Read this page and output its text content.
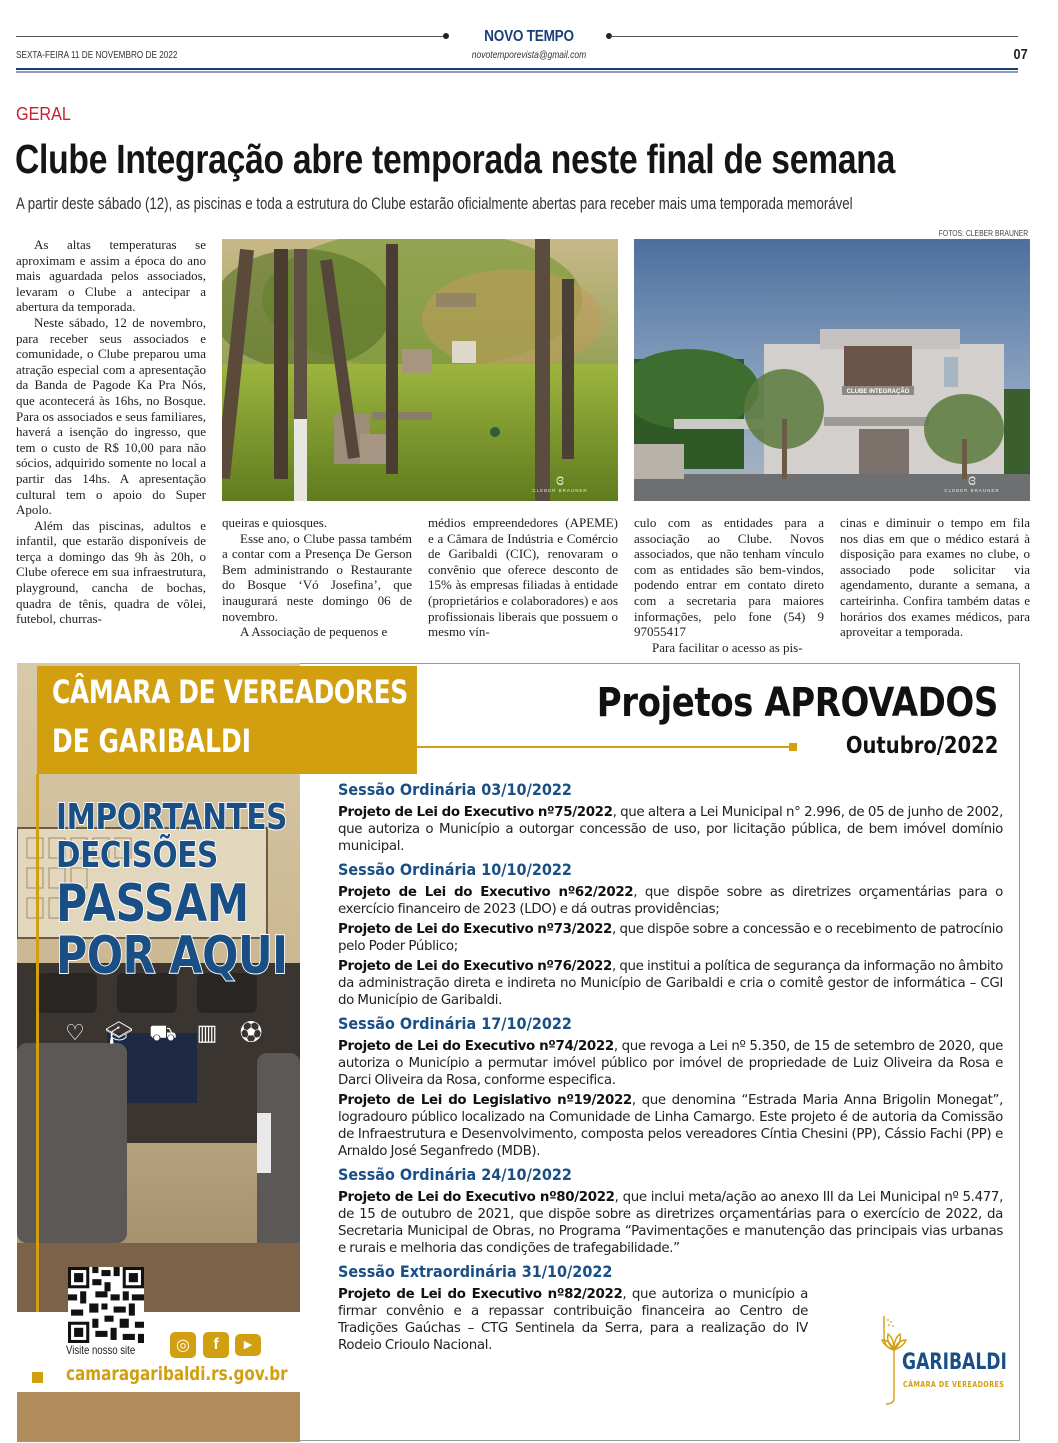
NOVO TEMPO
SEXTA-FEIRA 11 DE NOVEMBRO DE 2022	novotemporevista@gmail.com	07
GERAL
Clube Integração abre temporada neste final de semana
A partir deste sábado (12), as piscinas e toda a estrutura do Clube estarão oficialmente abertas para receber mais uma temporada memorável
FOTOS: CLEBER BRAUNER

As altas temperaturas se aproximam e assim a época do ano mais aguardada pelos associados, levaram o Clube a antecipar a abertura da temporada.

Neste sábado, 12 de novembro, para receber seus associados e comunidade, o Clube preparou uma atração especial com a apresentação da Banda de Pagode Ka Pra Nós, que acontecerá às 16hs, no Bosque. Para os associados e seus familiares, haverá a isenção do ingresso, que tem o custo de R$ 10,00 para não sócios, adquirido somente no local a partir das 14hs. A apresentação cultural tem o apoio do Super Apolo.

Além das piscinas, adultos e infantil, que estarão disponíveis de terça a domingo das 9h às 20h, o Clube oferece em sua infraestrutura, playground, cancha de bochas, quadra de tênis, quadra de vôlei, futebol, churras-

ɞ
CLEBER BRAUNER
CLUBE INTEGRAÇÃO
ɞ
CLEBER BRAUNER

queiras e quiosques.

Esse ano, o Clube passa também a contar com a Presença De Gerson Bem administrando o Restaurante do Bosque ‘Vó Josefina’, que inaugurará neste domingo 06 de novembro.

A Associação de pequenos e

médios empreendedores (APEME) e a Câmara de Indústria e Comércio de Garibaldi (CIC), renovaram o convênio que oferece desconto de 15% às empresas filiadas à entidade (proprietários e colaboradores) e aos profissionais liberais que possuem o mesmo vín-

culo com as entidades para a associação ao Clube. Novos associados, que não tenham vínculo com as entidades são bem-vindos, podendo entrar em contato direto com a secretaria para maiores informações, pelo fone (54) 9 97055417

Para facilitar o acesso as pis-

cinas e diminuir o tempo em fila nos dias em que o médico estará à disposição para exames no clube, o associado pode solicitar via agendamento, durante a semana, a carteirinha. Confira também datas e horários dos exames médicos, para aproveitar a temporada.

CÂMARA DE VEREADORES
DE GARIBALDI
IMPORTANTES
DECISÕES
PASSAM
POR AQUI
♡ 🎓︎ ⛟ ▥ ⚽︎
Visite nosso site	◎	f	▶
camaragaribaldi.rs.gov.br
Projetos APROVADOS
Outubro/2022
Sessão Ordinária 03/10/2022
Projeto de Lei do Executivo nº75/2022, que altera a Lei Municipal n° 2.996, de 05 de junho de 2002, que autoriza o Município a outorgar concessão de uso, por licitação pública, de bem imóvel domínio municipal.
Sessão Ordinária 10/10/2022
Projeto de Lei do Executivo nº62/2022, que dispõe sobre as diretrizes orçamentárias para o exercício financeiro de 2023 (LDO) e dá outras providências;
Projeto de Lei do Executivo nº73/2022, que dispõe sobre a concessão e o recebimento de patrocínio pelo Poder Público;
Projeto de Lei do Executivo nº76/2022, que institui a política de segurança da informação no âmbito da administração direta e indireta no Município de Garibaldi e cria o comitê gestor de informática – CGI do Município de Garibaldi.
Sessão Ordinária 17/10/2022
Projeto de Lei do Executivo nº74/2022, que revoga a Lei nº 5.350, de 15 de setembro de 2020, que autoriza o Município a permutar imóvel público por imóvel de propriedade de Luiz Oliveira da Rosa e Darci Oliveira da Rosa, conforme especifica.
Projeto de Lei do Legislativo nº19/2022, que denomina “Estrada Maria Anna Brigolin Monegat”, logradouro público localizado na Comunidade de Linha Camargo. Este projeto é de autoria da Comissão de Infraestrutura e Desenvolvimento, composta pelos vereadores Cíntia Chesini (PP), Cássio Fachi (PP) e Arnaldo José Seganfredo (MDB).
Sessão Ordinária 24/10/2022
Projeto de Lei do Executivo nº80/2022, que inclui meta/ação ao anexo III da Lei Municipal nº 5.477, de 15 de outubro de 2021, que dispõe sobre as diretrizes orçamentárias para o exercício de 2022, da Secretaria Municipal de Obras, no Programa “Pavimentações e manutenção das principais vias urbanas e rurais e melhoria das condições de trafegabilidade.”
Sessão Extraordinária 31/10/2022
Projeto de Lei do Executivo nº82/2022, que autoriza o município a firmar convênio e a repassar contribuição financeira ao Centro de Tradições Gaúchas – CTG Sentinela da Serra, para a realização do IV Rodeio Crioulo Nacional.
GARIBALDI
CÂMARA DE VEREADORES
